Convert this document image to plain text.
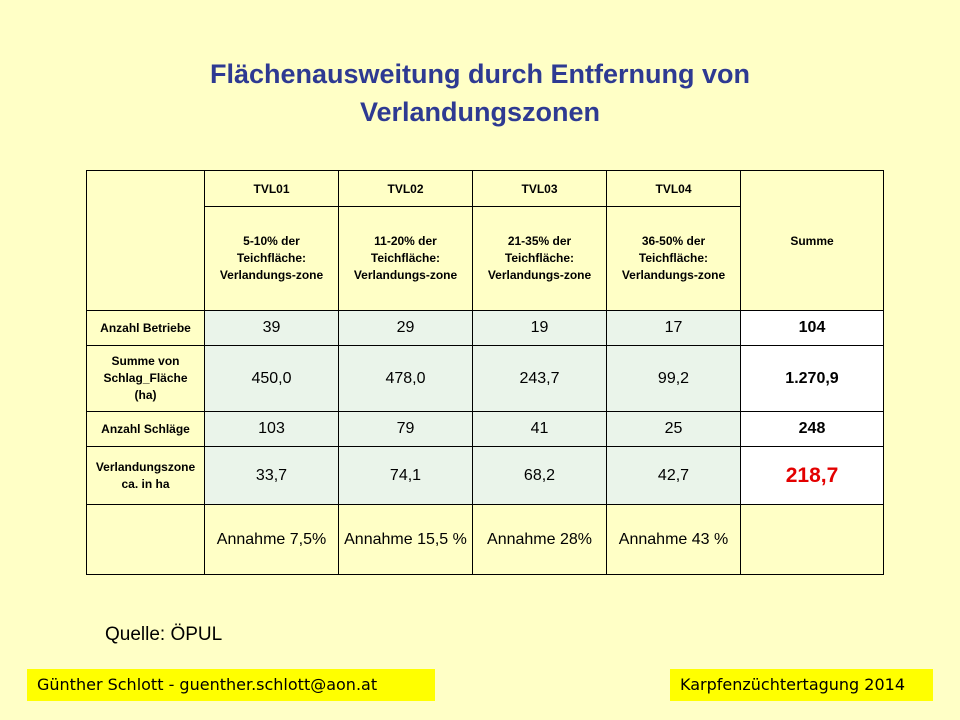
Flächenausweitung durch Entfernung von
Verlandungszonen
	TVL01	TVL02	TVL03	TVL04	Summe
	5-10% der Teichfläche: Verlandungs-zone	11-20% der Teichfläche: Verlandungs-zone	21-35% der Teichfläche: Verlandungs-zone	36-50% der Teichfläche: Verlandungs-zone	
Anzahl Betriebe	39	29	19	17	104
Summe von Schlag_Fläche (ha)	450,0	478,0	243,7	99,2	1.270,9
Anzahl Schläge	103	79	41	25	248
Verlandungszone ca. in ha	33,7	74,1	68,2	42,7	218,7
	Annahme 7,5%	Annahme 15,5 %	Annahme 28%	Annahme 43 %	
Quelle: ÖPUL
Günther Schlott - guenther.schlott@aon.at	Karpfenzüchtertagung 2014
